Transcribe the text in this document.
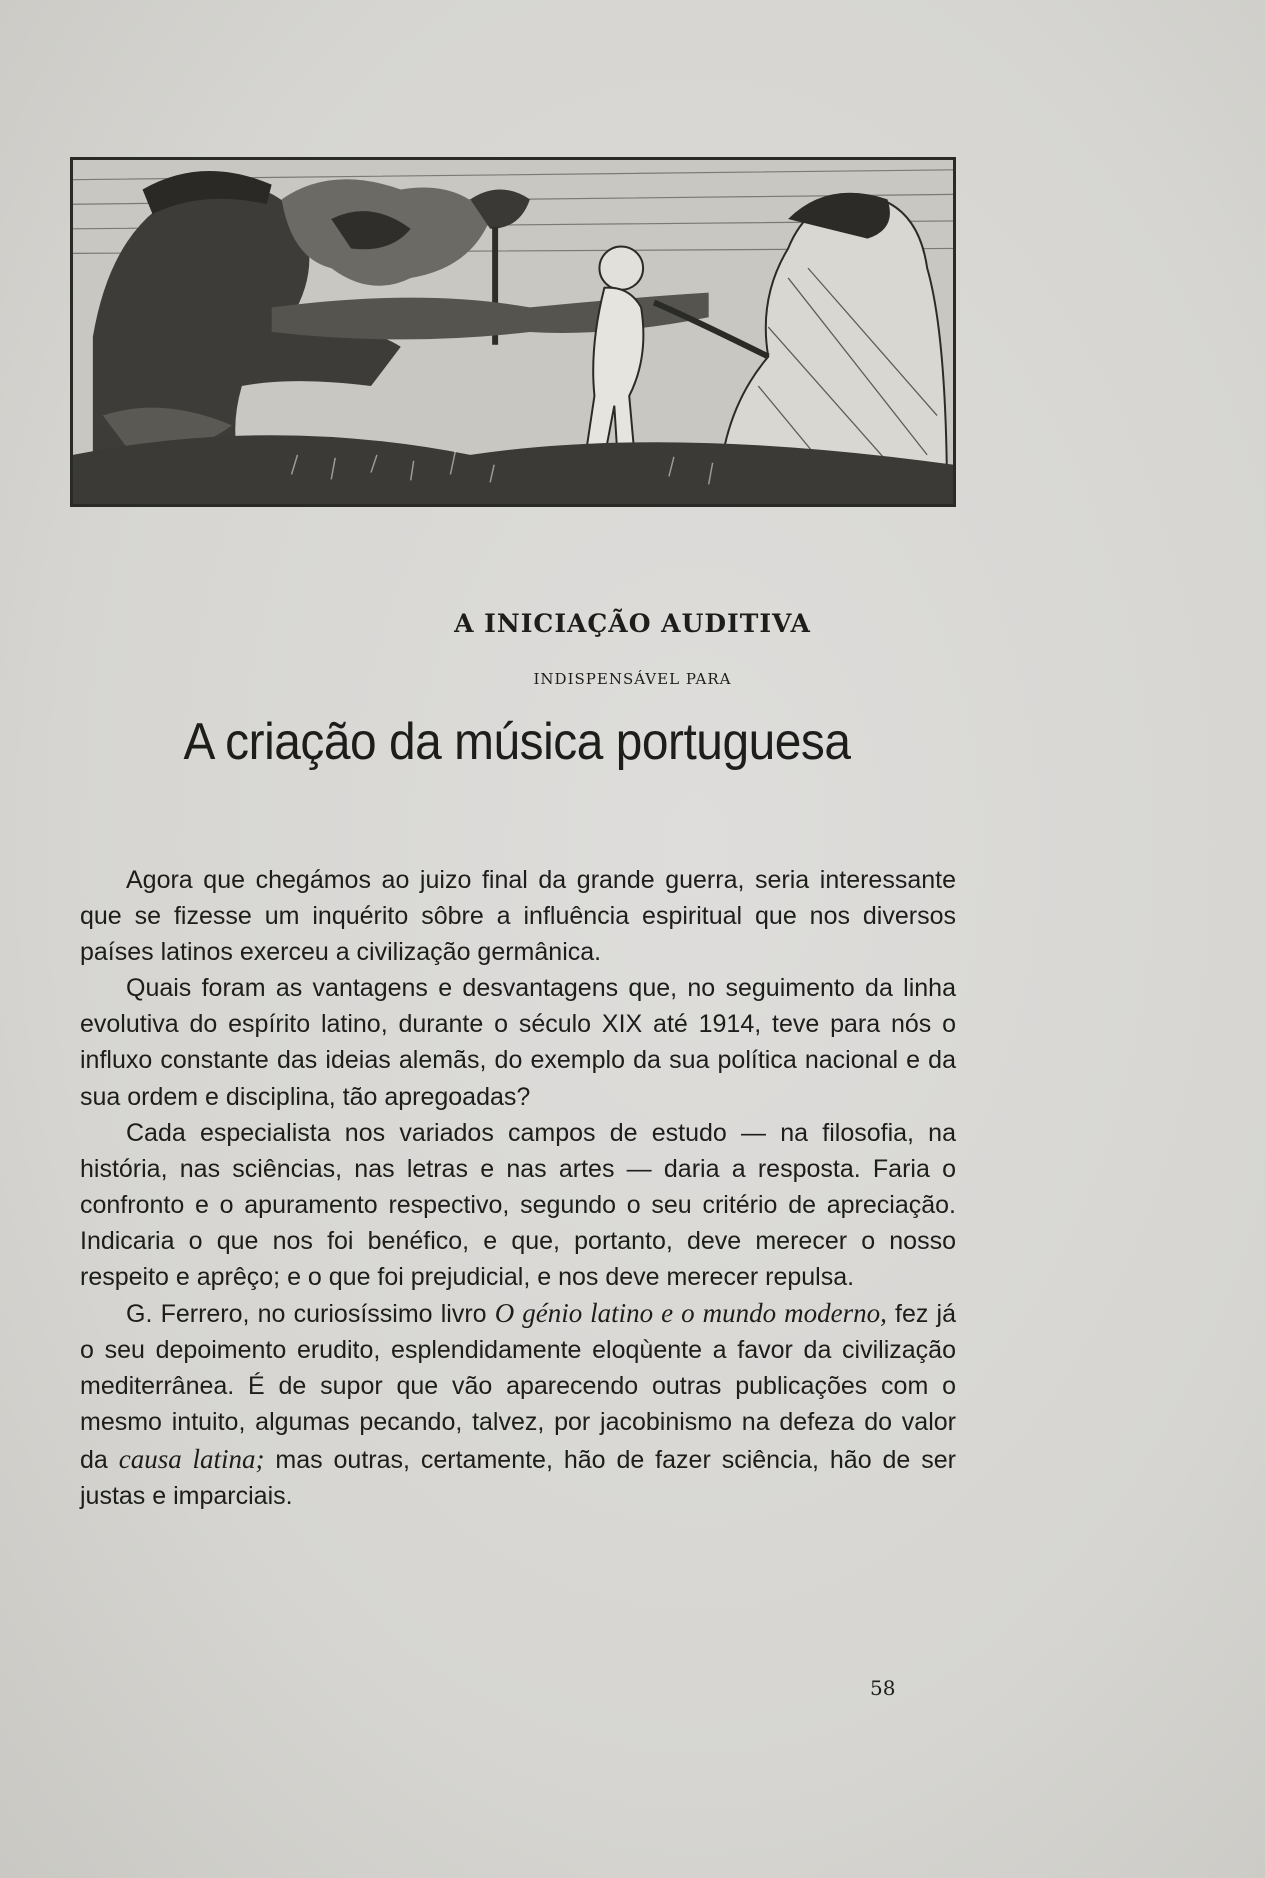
A INICIAÇÃO AUDITIVA
INDISPENSÁVEL PARA
A criação da música portuguesa

Agora que chegámos ao juizo final da grande guerra, seria interessante que se fizesse um inquérito sôbre a influência espiritual que nos diversos países latinos exerceu a civilização germânica.

Quais foram as vantagens e desvantagens que, no seguimento da linha evolutiva do espírito latino, durante o século XIX até 1914, teve para nós o influxo constante das ideias alemãs, do exemplo da sua política nacional e da sua ordem e disciplina, tão apregoadas?

Cada especialista nos variados campos de estudo — na filosofia, na história, nas sciências, nas letras e nas artes — daria a resposta. Faria o confronto e o apuramento respectivo, segundo o seu critério de apreciação. Indicaria o que nos foi benéfico, e que, portanto, deve merecer o nosso respeito e aprêço; e o que foi prejudicial, e nos deve merecer repulsa.

G. Ferrero, no curiosíssimo livro O génio latino e o mundo moderno, fez já o seu depoimento erudito, esplendidamente eloqùente a favor da civilização mediterrânea. É de supor que vão aparecendo outras publicações com o mesmo intuito, algumas pecando, talvez, por jacobinismo na defeza do valor da causa latina; mas outras, certamente, hão de fazer sciência, hão de ser justas e imparciais.

58
